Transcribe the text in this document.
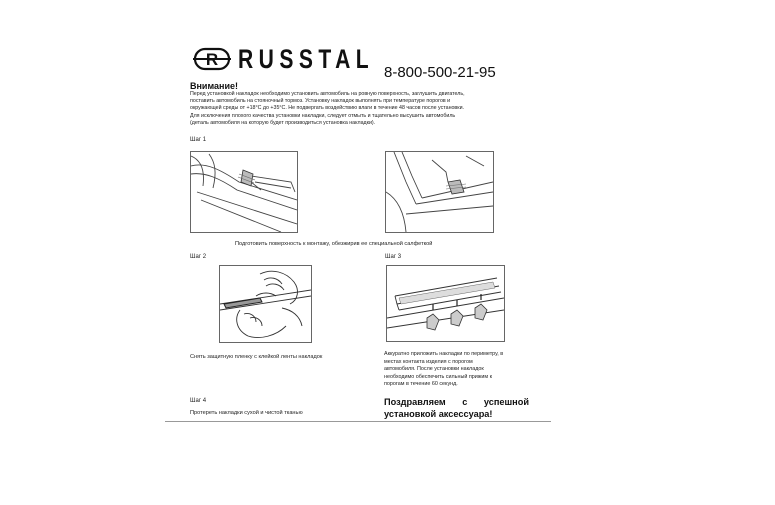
R RUSSTAL 8-800-500-21-95
Внимание!
Перед установкой накладок необходимо установить автомобиль на ровную поверхность, заглушить двигатель,
поставить автомобиль на стояночный тормоз. Установку накладок выполнять при температуре порогов и
окружающей среды от +18°C до +35°C. Не подвергать воздействию влаги в течение 48 часов после установки.
Для исключения плохого качества установки накладки, следует отмыть и тщательно высушить автомобиль
(деталь автомобиля на которую будет производиться установка накладки).
Шаг 1
Подготовить поверхность к монтажу, обезжирив ее специальной салфеткой
Шаг 2
Снять защитную пленку с клейкой ленты накладок
Шаг 3
Аккуратно приложить накладки по периметру, в
местах контакта изделия с порогом
автомобиля. После установки накладок
необходимо обеспечить сильный прижим к
порогам в течение 60 секунд.
Шаг 4
Протереть накладки сухой и чистой тканью
Поздравляем с успешной
установкой аксессуара!
